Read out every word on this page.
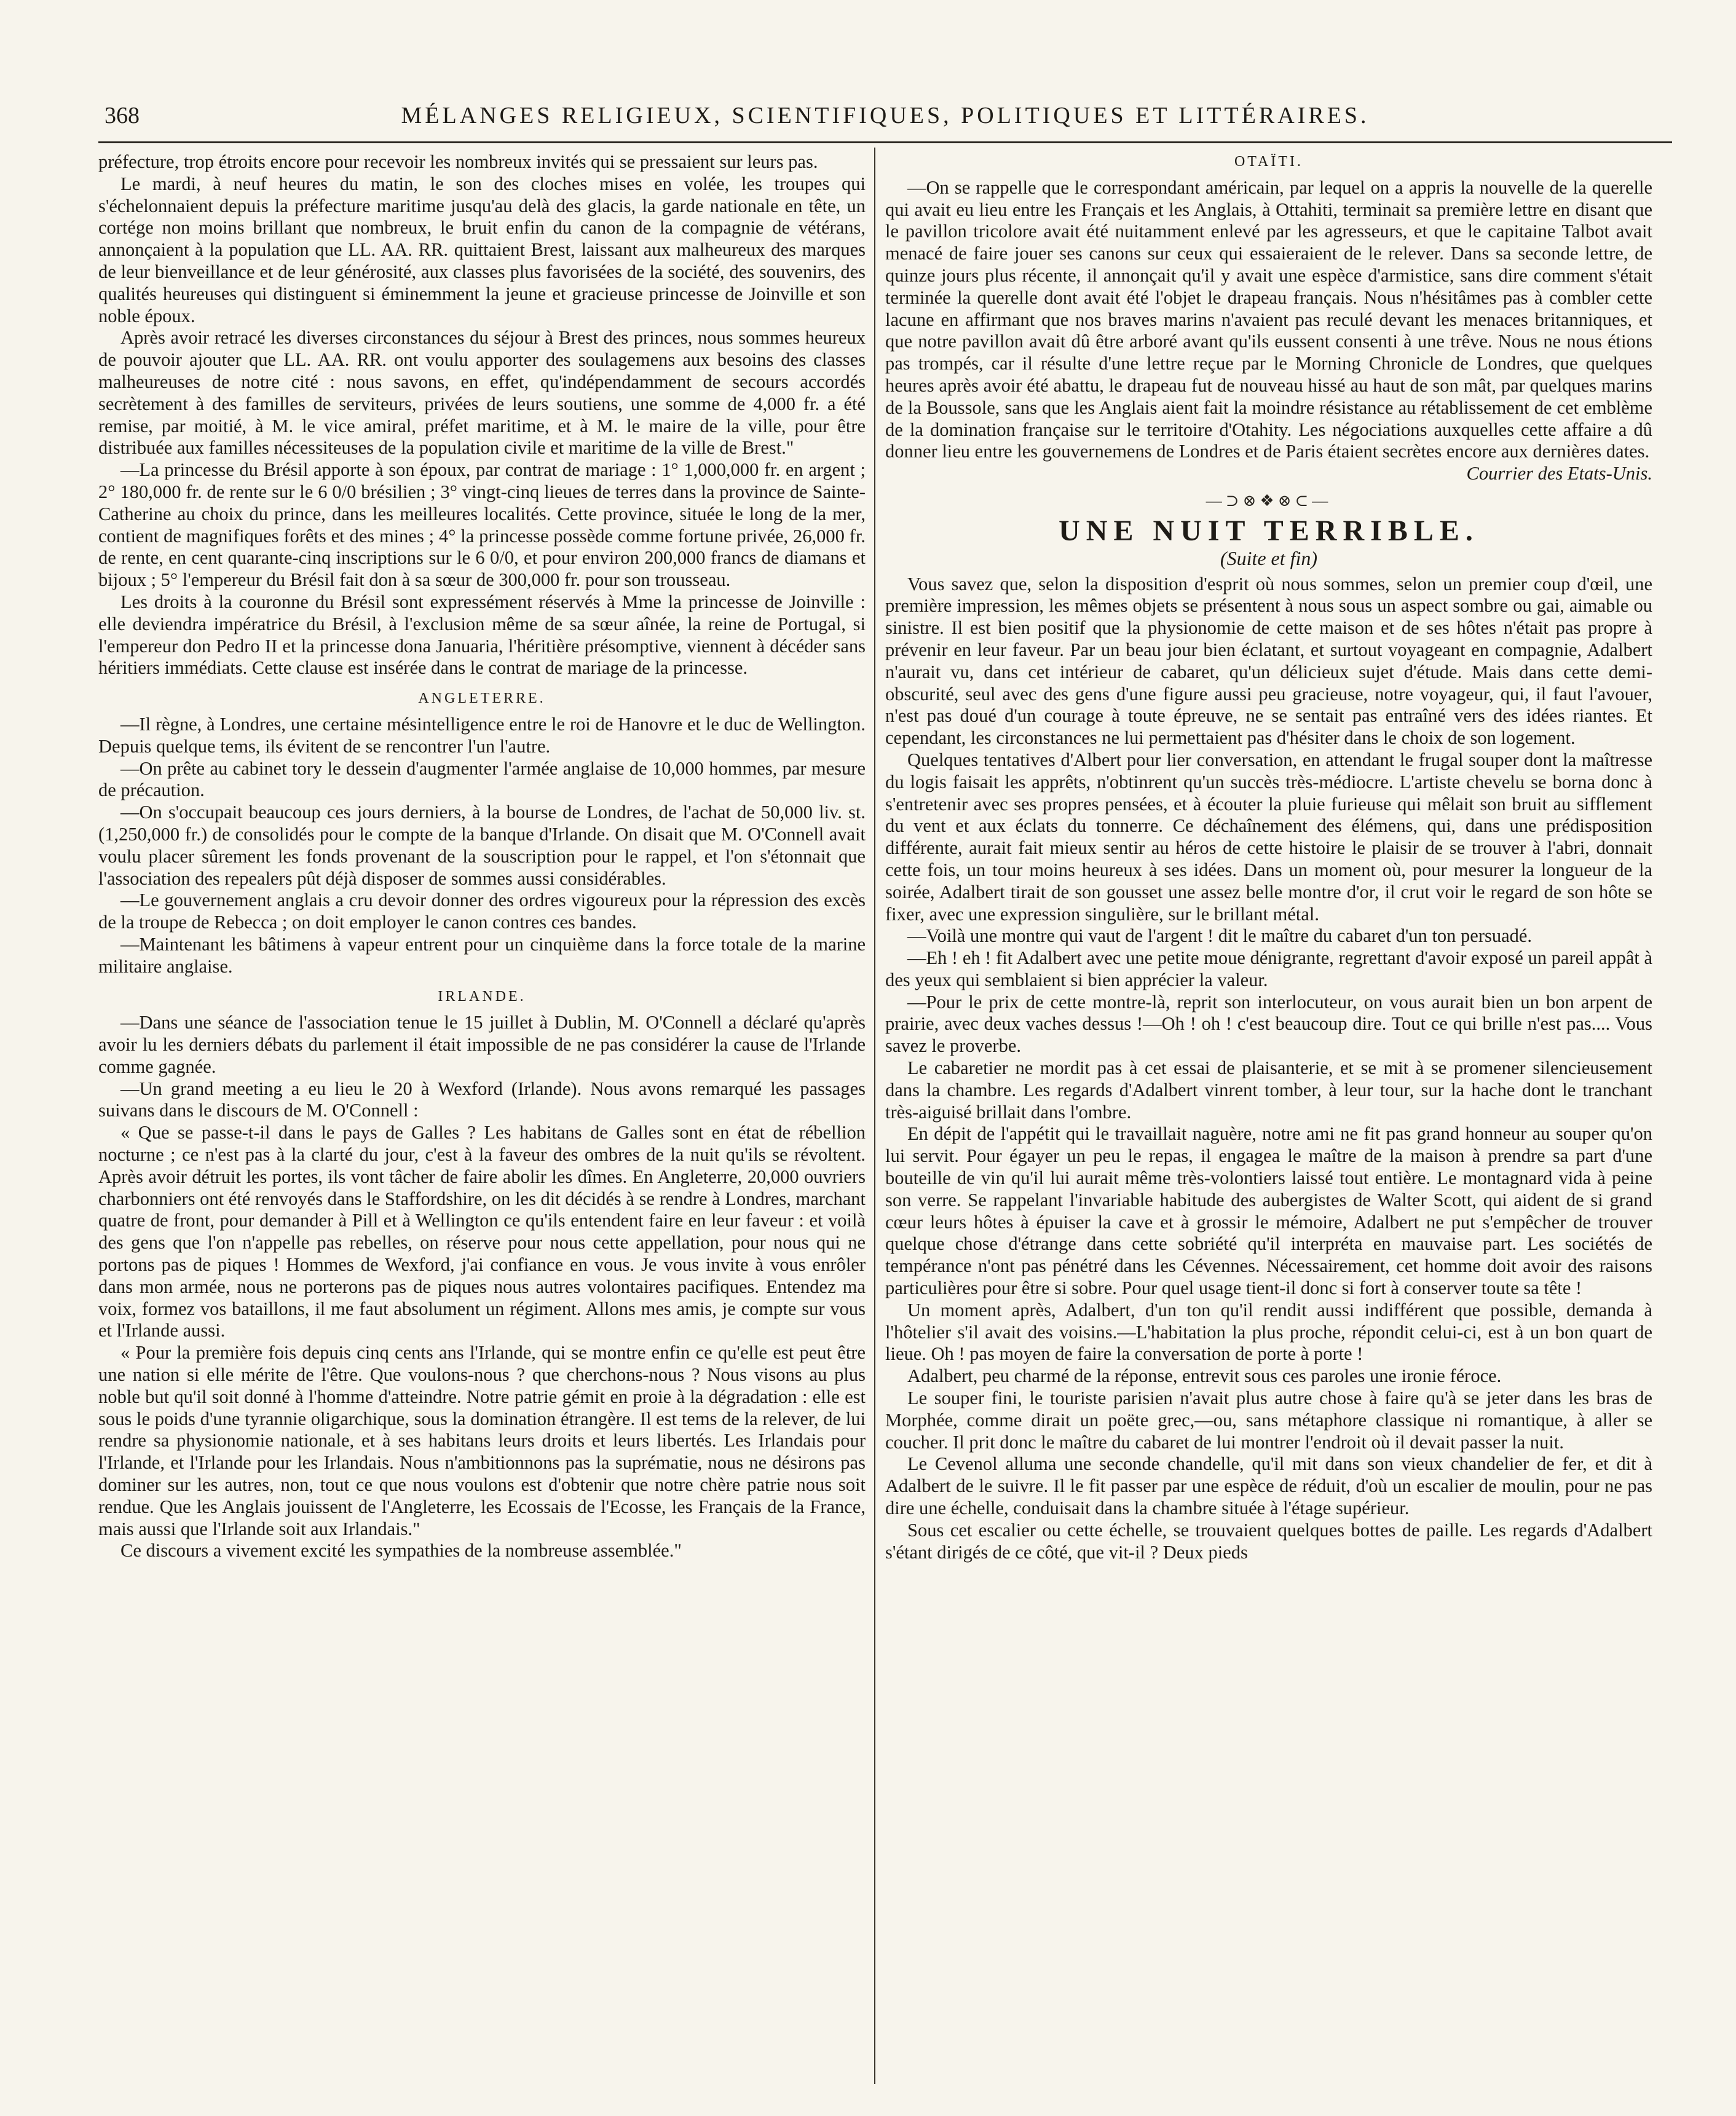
368	MÉLANGES RELIGIEUX, SCIENTIFIQUES, POLITIQUES ET LITTÉRAIRES.

préfecture, trop étroits encore pour recevoir les nombreux invités qui se pressaient sur leurs pas.

Le mardi, à neuf heures du matin, le son des cloches mises en volée, les troupes qui s'échelonnaient depuis la préfecture maritime jusqu'au delà des glacis, la garde nationale en tête, un cortége non moins brillant que nombreux, le bruit enfin du canon de la compagnie de vétérans, annonçaient à la population que LL. AA. RR. quittaient Brest, laissant aux malheureux des marques de leur bienveillance et de leur générosité, aux classes plus favorisées de la société, des souvenirs, des qualités heureuses qui distinguent si éminemment la jeune et gracieuse princesse de Joinville et son noble époux.

Après avoir retracé les diverses circonstances du séjour à Brest des princes, nous sommes heureux de pouvoir ajouter que LL. AA. RR. ont voulu apporter des soulagemens aux besoins des classes malheureuses de notre cité : nous savons, en effet, qu'indépendamment de secours accordés secrètement à des familles de serviteurs, privées de leurs soutiens, une somme de 4,000 fr. a été remise, par moitié, à M. le vice amiral, préfet maritime, et à M. le maire de la ville, pour être distribuée aux familles nécessiteuses de la population civile et maritime de la ville de Brest."

—La princesse du Brésil apporte à son époux, par contrat de mariage : 1° 1,000,000 fr. en argent ; 2° 180,000 fr. de rente sur le 6 0/0 brésilien ; 3° vingt-cinq lieues de terres dans la province de Sainte-Catherine au choix du prince, dans les meilleures localités. Cette province, située le long de la mer, contient de magnifiques forêts et des mines ; 4° la princesse possède comme fortune privée, 26,000 fr. de rente, en cent quarante-cinq inscriptions sur le 6 0/0, et pour environ 200,000 francs de diamans et bijoux ; 5° l'empereur du Brésil fait don à sa sœur de 300,000 fr. pour son trousseau.

Les droits à la couronne du Brésil sont expressément réservés à Mme la princesse de Joinville : elle deviendra impératrice du Brésil, à l'exclusion même de sa sœur aînée, la reine de Portugal, si l'empereur don Pedro II et la princesse dona Januaria, l'héritière présomptive, viennent à décéder sans héritiers immédiats. Cette clause est insérée dans le contrat de mariage de la princesse.

ANGLETERRE.

—Il règne, à Londres, une certaine mésintelligence entre le roi de Hanovre et le duc de Wellington. Depuis quelque tems, ils évitent de se rencontrer l'un l'autre.

—On prête au cabinet tory le dessein d'augmenter l'armée anglaise de 10,000 hommes, par mesure de précaution.

—On s'occupait beaucoup ces jours derniers, à la bourse de Londres, de l'achat de 50,000 liv. st. (1,250,000 fr.) de consolidés pour le compte de la banque d'Irlande. On disait que M. O'Connell avait voulu placer sûrement les fonds provenant de la souscription pour le rappel, et l'on s'étonnait que l'association des repealers pût déjà disposer de sommes aussi considérables.

—Le gouvernement anglais a cru devoir donner des ordres vigoureux pour la répression des excès de la troupe de Rebecca ; on doit employer le canon contres ces bandes.

—Maintenant les bâtimens à vapeur entrent pour un cinquième dans la force totale de la marine militaire anglaise.

IRLANDE.

—Dans une séance de l'association tenue le 15 juillet à Dublin, M. O'Connell a déclaré qu'après avoir lu les derniers débats du parlement il était impossible de ne pas considérer la cause de l'Irlande comme gagnée.

—Un grand meeting a eu lieu le 20 à Wexford (Irlande). Nous avons remarqué les passages suivans dans le discours de M. O'Connell :

« Que se passe-t-il dans le pays de Galles ? Les habitans de Galles sont en état de rébellion nocturne ; ce n'est pas à la clarté du jour, c'est à la faveur des ombres de la nuit qu'ils se révoltent. Après avoir détruit les portes, ils vont tâcher de faire abolir les dîmes. En Angleterre, 20,000 ouvriers charbonniers ont été renvoyés dans le Staffordshire, on les dit décidés à se rendre à Londres, marchant quatre de front, pour demander à Pill et à Wellington ce qu'ils entendent faire en leur faveur : et voilà des gens que l'on n'appelle pas rebelles, on réserve pour nous cette appellation, pour nous qui ne portons pas de piques ! Hommes de Wexford, j'ai confiance en vous. Je vous invite à vous enrôler dans mon armée, nous ne porterons pas de piques nous autres volontaires pacifiques. Entendez ma voix, formez vos bataillons, il me faut absolument un régiment. Allons mes amis, je compte sur vous et l'Irlande aussi.

« Pour la première fois depuis cinq cents ans l'Irlande, qui se montre enfin ce qu'elle est peut être une nation si elle mérite de l'être. Que voulons-nous ? que cherchons-nous ? Nous visons au plus noble but qu'il soit donné à l'homme d'atteindre. Notre patrie gémit en proie à la dégradation : elle est sous le poids d'une tyrannie oligarchique, sous la domination étrangère. Il est tems de la relever, de lui rendre sa physionomie nationale, et à ses habitans leurs droits et leurs libertés. Les Irlandais pour l'Irlande, et l'Irlande pour les Irlandais. Nous n'ambitionnons pas la suprématie, nous ne désirons pas dominer sur les autres, non, tout ce que nous voulons est d'obtenir que notre chère patrie nous soit rendue. Que les Anglais jouissent de l'Angleterre, les Ecossais de l'Ecosse, les Français de la France, mais aussi que l'Irlande soit aux Irlandais."

Ce discours a vivement excité les sympathies de la nombreuse assemblée."

OTAÏTI.

—On se rappelle que le correspondant américain, par lequel on a appris la nouvelle de la querelle qui avait eu lieu entre les Français et les Anglais, à Ottahiti, terminait sa première lettre en disant que le pavillon tricolore avait été nuitamment enlevé par les agresseurs, et que le capitaine Talbot avait menacé de faire jouer ses canons sur ceux qui essaieraient de le relever. Dans sa seconde lettre, de quinze jours plus récente, il annonçait qu'il y avait une espèce d'armistice, sans dire comment s'était terminée la querelle dont avait été l'objet le drapeau français. Nous n'hésitâmes pas à combler cette lacune en affirmant que nos braves marins n'avaient pas reculé devant les menaces britanniques, et que notre pavillon avait dû être arboré avant qu'ils eussent consenti à une trêve. Nous ne nous étions pas trompés, car il résulte d'une lettre reçue par le Morning Chronicle de Londres, que quelques heures après avoir été abattu, le drapeau fut de nouveau hissé au haut de son mât, par quelques marins de la Boussole, sans que les Anglais aient fait la moindre résistance au rétablissement de cet emblème de la domination française sur le territoire d'Otahity. Les négociations auxquelles cette affaire a dû donner lieu entre les gouvernemens de Londres et de Paris étaient secrètes encore aux dernières dates.

Courrier des Etats-Unis.

—⊃⊗❖⊗⊂—
UNE NUIT TERRIBLE.
(Suite et fin)

Vous savez que, selon la disposition d'esprit où nous sommes, selon un premier coup d'œil, une première impression, les mêmes objets se présentent à nous sous un aspect sombre ou gai, aimable ou sinistre. Il est bien positif que la physionomie de cette maison et de ses hôtes n'était pas propre à prévenir en leur faveur. Par un beau jour bien éclatant, et surtout voyageant en compagnie, Adalbert n'aurait vu, dans cet intérieur de cabaret, qu'un délicieux sujet d'étude. Mais dans cette demi-obscurité, seul avec des gens d'une figure aussi peu gracieuse, notre voyageur, qui, il faut l'avouer, n'est pas doué d'un courage à toute épreuve, ne se sentait pas entraîné vers des idées riantes. Et cependant, les circonstances ne lui permettaient pas d'hésiter dans le choix de son logement.

Quelques tentatives d'Albert pour lier conversation, en attendant le frugal souper dont la maîtresse du logis faisait les apprêts, n'obtinrent qu'un succès très-médiocre. L'artiste chevelu se borna donc à s'entretenir avec ses propres pensées, et à écouter la pluie furieuse qui mêlait son bruit au sifflement du vent et aux éclats du tonnerre. Ce déchaînement des élémens, qui, dans une prédisposition différente, aurait fait mieux sentir au héros de cette histoire le plaisir de se trouver à l'abri, donnait cette fois, un tour moins heureux à ses idées. Dans un moment où, pour mesurer la longueur de la soirée, Adalbert tirait de son gousset une assez belle montre d'or, il crut voir le regard de son hôte se fixer, avec une expression singulière, sur le brillant métal.

—Voilà une montre qui vaut de l'argent ! dit le maître du cabaret d'un ton persuadé.

—Eh ! eh ! fit Adalbert avec une petite moue dénigrante, regrettant d'avoir exposé un pareil appât à des yeux qui semblaient si bien apprécier la valeur.

—Pour le prix de cette montre-là, reprit son interlocuteur, on vous aurait bien un bon arpent de prairie, avec deux vaches dessus !—Oh ! oh ! c'est beaucoup dire. Tout ce qui brille n'est pas.... Vous savez le proverbe.

Le cabaretier ne mordit pas à cet essai de plaisanterie, et se mit à se promener silencieusement dans la chambre. Les regards d'Adalbert vinrent tomber, à leur tour, sur la hache dont le tranchant très-aiguisé brillait dans l'ombre.

En dépit de l'appétit qui le travaillait naguère, notre ami ne fit pas grand honneur au souper qu'on lui servit. Pour égayer un peu le repas, il engagea le maître de la maison à prendre sa part d'une bouteille de vin qu'il lui aurait même très-volontiers laissé tout entière. Le montagnard vida à peine son verre. Se rappelant l'invariable habitude des aubergistes de Walter Scott, qui aident de si grand cœur leurs hôtes à épuiser la cave et à grossir le mémoire, Adalbert ne put s'empêcher de trouver quelque chose d'étrange dans cette sobriété qu'il interpréta en mauvaise part. Les sociétés de tempérance n'ont pas pénétré dans les Cévennes. Nécessairement, cet homme doit avoir des raisons particulières pour être si sobre. Pour quel usage tient-il donc si fort à conserver toute sa tête !

Un moment après, Adalbert, d'un ton qu'il rendit aussi indifférent que possible, demanda à l'hôtelier s'il avait des voisins.—L'habitation la plus proche, répondit celui-ci, est à un bon quart de lieue. Oh ! pas moyen de faire la conversation de porte à porte !

Adalbert, peu charmé de la réponse, entrevit sous ces paroles une ironie féroce.

Le souper fini, le touriste parisien n'avait plus autre chose à faire qu'à se jeter dans les bras de Morphée, comme dirait un poëte grec,—ou, sans métaphore classique ni romantique, à aller se coucher. Il prit donc le maître du cabaret de lui montrer l'endroit où il devait passer la nuit.

Le Cevenol alluma une seconde chandelle, qu'il mit dans son vieux chandelier de fer, et dit à Adalbert de le suivre. Il le fit passer par une espèce de réduit, d'où un escalier de moulin, pour ne pas dire une échelle, conduisait dans la chambre située à l'étage supérieur.

Sous cet escalier ou cette échelle, se trouvaient quelques bottes de paille. Les regards d'Adalbert s'étant dirigés de ce côté, que vit-il ? Deux pieds
